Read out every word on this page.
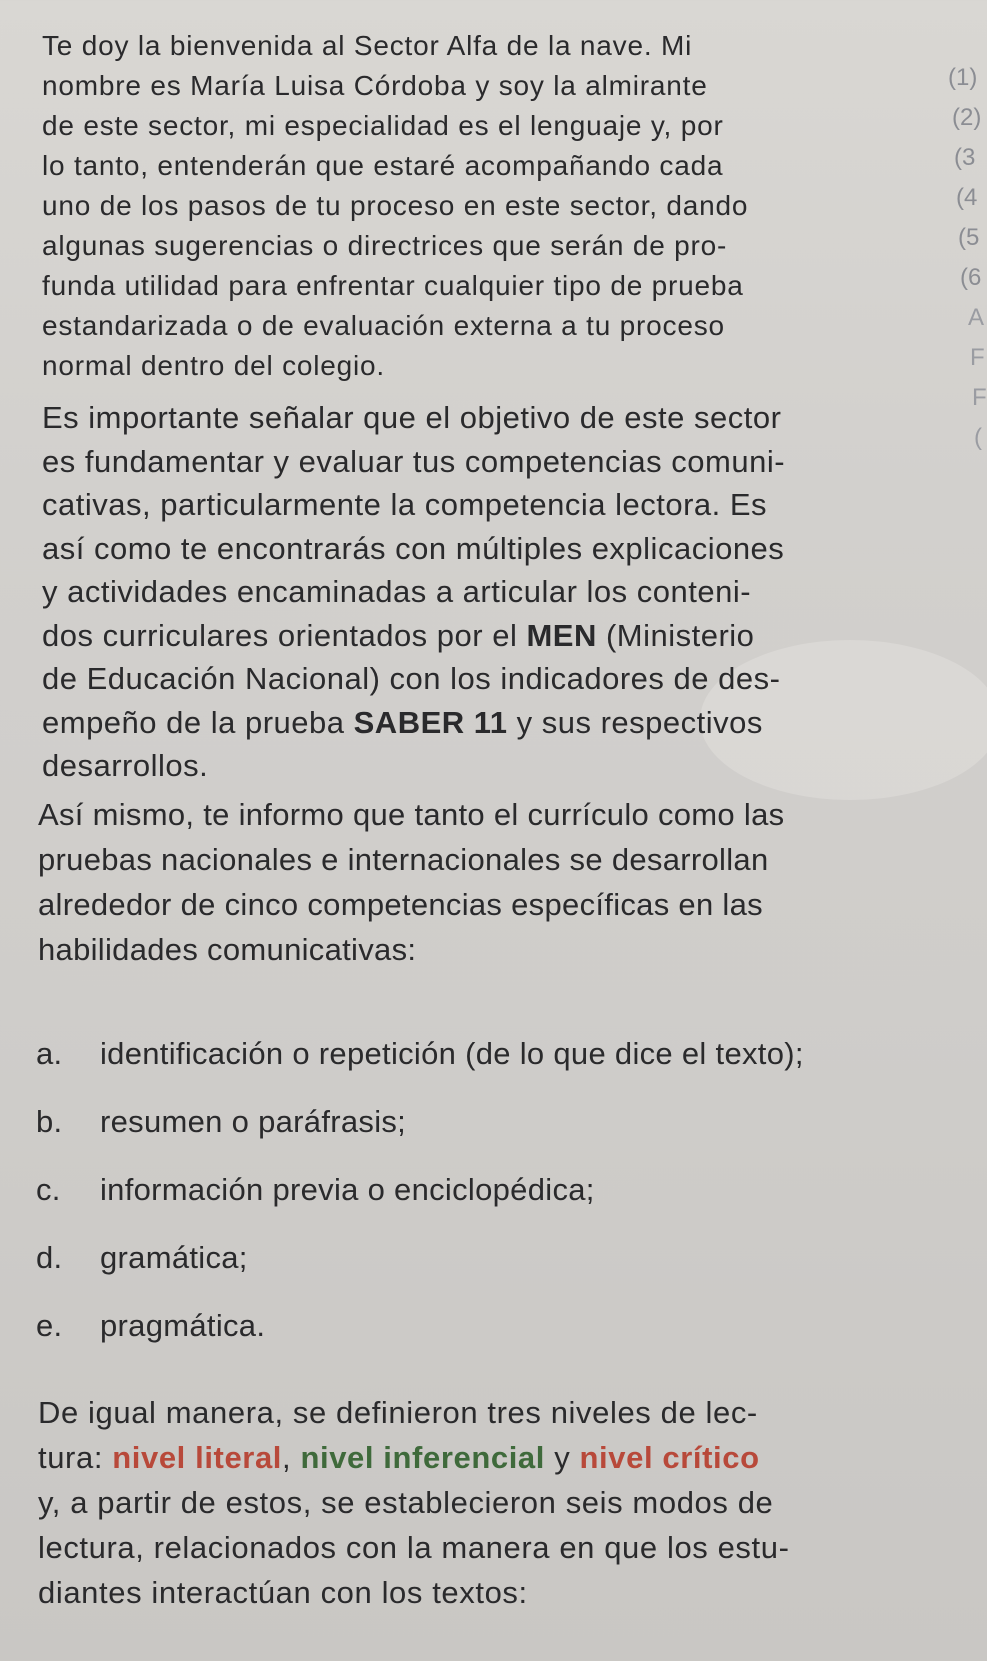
Te doy la bienvenida al Sector Alfa de la nave. Mi
nombre es María Luisa Córdoba y soy la almirante
de este sector, mi especialidad es el lenguaje y, por
lo tanto, entenderán que estaré acompañando cada
uno de los pasos de tu proceso en este sector, dando
algunas sugerencias o directrices que serán de pro-
funda utilidad para enfrentar cualquier tipo de prueba
estandarizada o de evaluación externa a tu proceso
normal dentro del colegio.

Es importante señalar que el objetivo de este sector
es fundamentar y evaluar tus competencias comuni-
cativas, particularmente la competencia lectora. Es
así como te encontrarás con múltiples explicaciones
y actividades encaminadas a articular los conteni-
dos curriculares orientados por el MEN (Ministerio
de Educación Nacional) con los indicadores de des-
empeño de la prueba SABER 11 y sus respectivos
desarrollos.

Así mismo, te informo que tanto el currículo como las
pruebas nacionales e internacionales se desarrollan
alrededor de cinco competencias específicas en las
habilidades comunicativas:

a. identificación o repetición (de lo que dice el texto);
b. resumen o paráfrasis;
c. información previa o enciclopédica;
d. gramática;
e. pragmática.

De igual manera, se definieron tres niveles de lec-
tura: nivel literal, nivel inferencial y nivel crítico
y, a partir de estos, se establecieron seis modos de
lectura, relacionados con la manera en que los estu-
diantes interactúan con los textos:

(1)
(2)
(3
(4
(5
(6
A
F
F
(
